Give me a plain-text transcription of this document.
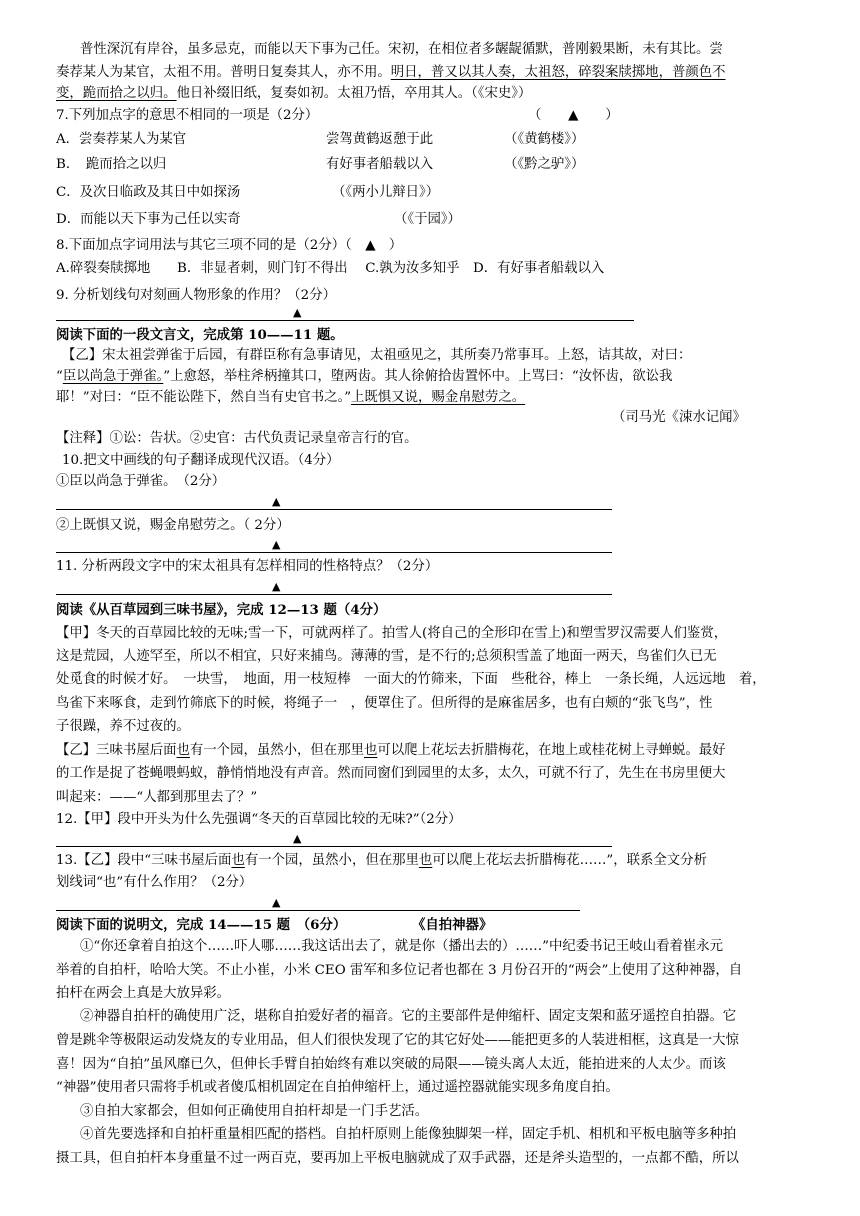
普性深沉有岸谷，虽多忌克，而能以天下事为己任。宋初，在相位者多龌龊循默，普刚毅果断，未有其比。尝
奏荐某人为某官，太祖不用。普明日复奏其人，亦不用。明日，普又以其人奏，太祖怒，碎裂案牍掷地，普颜色不
变，跪而拾之以归。他日补缀旧纸，复奏如初。太祖乃悟，卒用其人。（《宋史》）
7.下列加点字的意思不相同的一项是（2分）	（　　▲　　）
A．尝奏荐某人为某官	尝驾黄鹤返憩于此	（《黄鹤楼》）
B．　跪而拾之以归	有好事者船载以入	（《黔之驴》）
C．及次日临政及其日中如探汤	（《两小儿辩日》）
D．而能以天下事为己任以实奇	（《于园》）
8.下面加点字词用法与其它三项不同的是（2分）（　▲　）
A.碎裂奏牍掷地　　B．非显者刺，则门钉不得出　 C.孰为汝多知乎　D．有好事者船载以入
9. 分析划线句对刻画人物形象的作用？（2分）
▲
阅读下面的一段文言文，完成第 10——11 题。
【乙】宋太祖尝弹雀于后园，有群臣称有急事请见，太祖亟见之，其所奏乃常事耳。上怒，诘其故，对曰：
“臣以尚急于弹雀。”上愈怒，举柱斧柄撞其口，堕两齿。其人徐俯拾齿置怀中。上骂曰：“汝怀齿，欲讼我
耶！”对曰：“臣不能讼陛下，然自当有史官书之。”上既惧又说，赐金帛慰劳之。
（司马光《涑水记闻》
【注释】①讼：告状。②史官：古代负责记录皇帝言行的官。
10.把文中画线的句子翻译成现代汉语。（4分）
①臣以尚急于弹雀。　（2分）
▲
②上既惧又说，赐金帛慰劳之。（ 2分）
▲
11. 分析两段文字中的宋太祖具有怎样相同的性格特点？（2分）
▲
阅读《从百草园到三味书屋》，完成 12—13 题（4分）
【甲】冬天的百草园比较的无味;雪一下，可就两样了。拍雪人(将自己的全形印在雪上)和塑雪罗汉需要人们鉴赏，
这是荒园，人迹罕至，所以不相宜，只好来捕鸟。薄薄的雪，是不行的;总须积雪盖了地面一两天，鸟雀们久已无
处觅食的时候才好。　一块雪，　地面，用一枝短棒　一面大的竹筛来，下面　些秕谷，棒上　一条长绳，人远远地　着，
鸟雀下来啄食，走到竹筛底下的时候，将绳子一　，便罩住了。但所得的是麻雀居多，也有白颊的“张飞鸟”，性
子很躁，养不过夜的。
【乙】三味书屋后面也有一个园，虽然小，但在那里也可以爬上花坛去折腊梅花，在地上或桂花树上寻蝉蜕。最好
的工作是捉了苍蝇喂蚂蚁，静悄悄地没有声音。然而同窗们到园里的太多，太久，可就不行了，先生在书房里便大
叫起来：——“人都到那里去了？”
12.【甲】段中开头为什么先强调“冬天的百草园比较的无味?”（2分）
▲
13.【乙】段中“三味书屋后面也有一个园，虽然小，但在那里也可以爬上花坛去折腊梅花……”，联系全文分析
划线词“也”有什么作用？（2分）
▲
阅读下面的说明文，完成 14——15 题　（6分）	《自拍神器》
①“你还拿着自拍这个……吓人哪……我这话出去了，就是你（播出去的）……”中纪委书记王岐山看着崔永元
举着的自拍杆，哈哈大笑。不止小崔，小米 CEO 雷军和多位记者也都在 3 月份召开的“两会”上使用了这种神器，自
拍杆在两会上真是大放异彩。
②神器自拍杆的确使用广泛，堪称自拍爱好者的福音。它的主要部件是伸缩杆、固定支架和蓝牙遥控自拍器。它
曾是跳伞等极限运动发烧友的专业用品，但人们很快发现了它的其它好处——能把更多的人装进相框，这真是一大惊
喜！因为“自拍”虽风靡已久，但伸长手臂自拍始终有难以突破的局限——镜头离人太近，能拍进来的人太少。而该
“神器”使用者只需将手机或者傻瓜相机固定在自拍伸缩杆上，通过遥控器就能实现多角度自拍。
③自拍大家都会，但如何正确使用自拍杆却是一门手艺活。
④首先要选择和自拍杆重量相匹配的搭档。自拍杆原则上能像独脚架一样，固定手机、相机和平板电脑等多种拍
摄工具，但自拍杆本身重量不过一两百克，要再加上平板电脑就成了双手武器，还是斧头造型的，一点都不酷，所以
